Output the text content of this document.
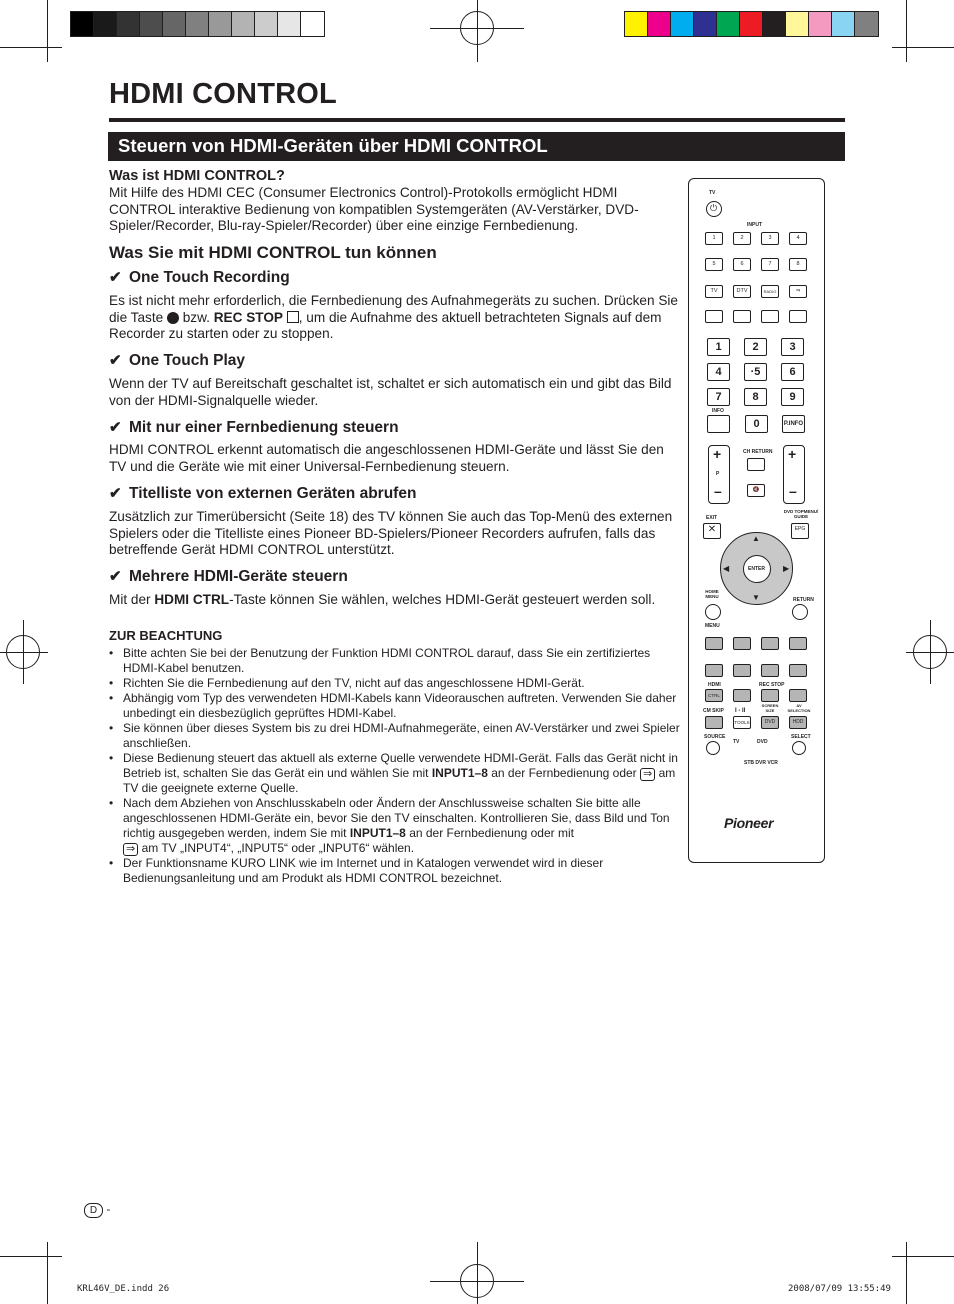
HDMI CONTROL
Steuern von HDMI-Geräten über HDMI CONTROL

Was ist HDMI CONTROL?

Mit Hilfe des HDMI CEC (Consumer Electronics Control)-Protokolls ermöglicht HDMI CONTROL interaktive Bedienung von kompatiblen Systemgeräten (AV-Verstärker, DVD-Spieler/Recorder, Blu-ray-Spieler/Recorder) über eine einzige Fernbedienung.

Was Sie mit HDMI CONTROL tun können

✔ One Touch Recording

Es ist nicht mehr erforderlich, die Fernbedienung des Aufnahmegeräts zu suchen. Drücken Sie die Taste bzw. REC STOP , um die Aufnahme des aktuell betrachteten Signals auf dem Recorder zu starten oder zu stoppen.

✔ One Touch Play

Wenn der TV auf Bereitschaft geschaltet ist, schaltet er sich automatisch ein und gibt das Bild von der HDMI-Signalquelle wieder.

✔ Mit nur einer Fernbedienung steuern

HDMI CONTROL erkennt automatisch die angeschlossenen HDMI-Geräte und lässt Sie den TV und die Geräte wie mit einer Universal-Fernbedienung steuern.

✔ Titelliste von externen Geräten abrufen

Zusätzlich zur Timerübersicht (Seite 18) des TV können Sie auch das Top-Menü des externen Spielers oder die Titelliste eines Pioneer BD-Spielers/Pioneer Recorders aufrufen, falls das betreffende Gerät HDMI CONTROL unterstützt.

✔ Mehrere HDMI-Geräte steuern

Mit der HDMI CTRL-Taste können Sie wählen, welches HDMI-Gerät gesteuert werden soll.

ZUR BEACHTUNG

• Bitte achten Sie bei der Benutzung der Funktion HDMI CONTROL darauf, dass Sie ein zertifiziertes HDMI-Kabel benutzen.
• Richten Sie die Fernbedienung auf den TV, nicht auf das angeschlossene HDMI-Gerät.
• Abhängig vom Typ des verwendeten HDMI-Kabels kann Videorauschen auftreten. Verwenden Sie daher unbedingt ein diesbezüglich geprüftes HDMI-Kabel.
• Sie können über dieses System bis zu drei HDMI-Aufnahmegeräte, einen AV-Verstärker und zwei Spieler anschließen.
• Diese Bedienung steuert das aktuell als externe Quelle verwendete HDMI-Gerät. Falls das Gerät nicht in Betrieb ist, schalten Sie das Gerät ein und wählen Sie mit INPUT1–8 an der Fernbedienung oder ⇒ am TV die geeignete externe Quelle.
• Nach dem Abziehen von Anschlusskabeln oder Ändern der Anschlussweise schalten Sie bitte alle angeschlossenen HDMI-Geräte ein, bevor Sie den TV einschalten. Kontrollieren Sie, dass Bild und Ton richtig ausgegeben werden, indem Sie mit INPUT1–8 an der Fernbedienung oder mit
⇒ am TV „INPUT4“, „INPUT5“ oder „INPUT6“ wählen.
• Der Funktionsname KURO LINK wie im Internet und in Katalogen verwendet wird in dieser Bedienungsanleitung und am Produkt als HDMI CONTROL bezeichnet.
TV
⏻
INPUT
1	2	3	4
5	6	7	8
TV	DTV	RADIO	⇒
1	2	3
4	·5	6
7	8	9
INFO
0	P.INFO
+
P
–
CH RETURN
🔇
+
–
DVD TOPMENU/ GUIDE
EXIT
✕	EPG
ENTER
▲
▼
◀	▶
HOME MENU
RETURN
MENU
HDMI
CTRL
REC STOP
CM SKIP I - II
SCREEN SIZE
AV SELECTION
TOOLS	DVD	HDD
SOURCE
TV	DVD
STB DVR VCR
SELECT
Pioneer
D -
KRL46V_DE.indd 26	2008/07/09 13:55:49
